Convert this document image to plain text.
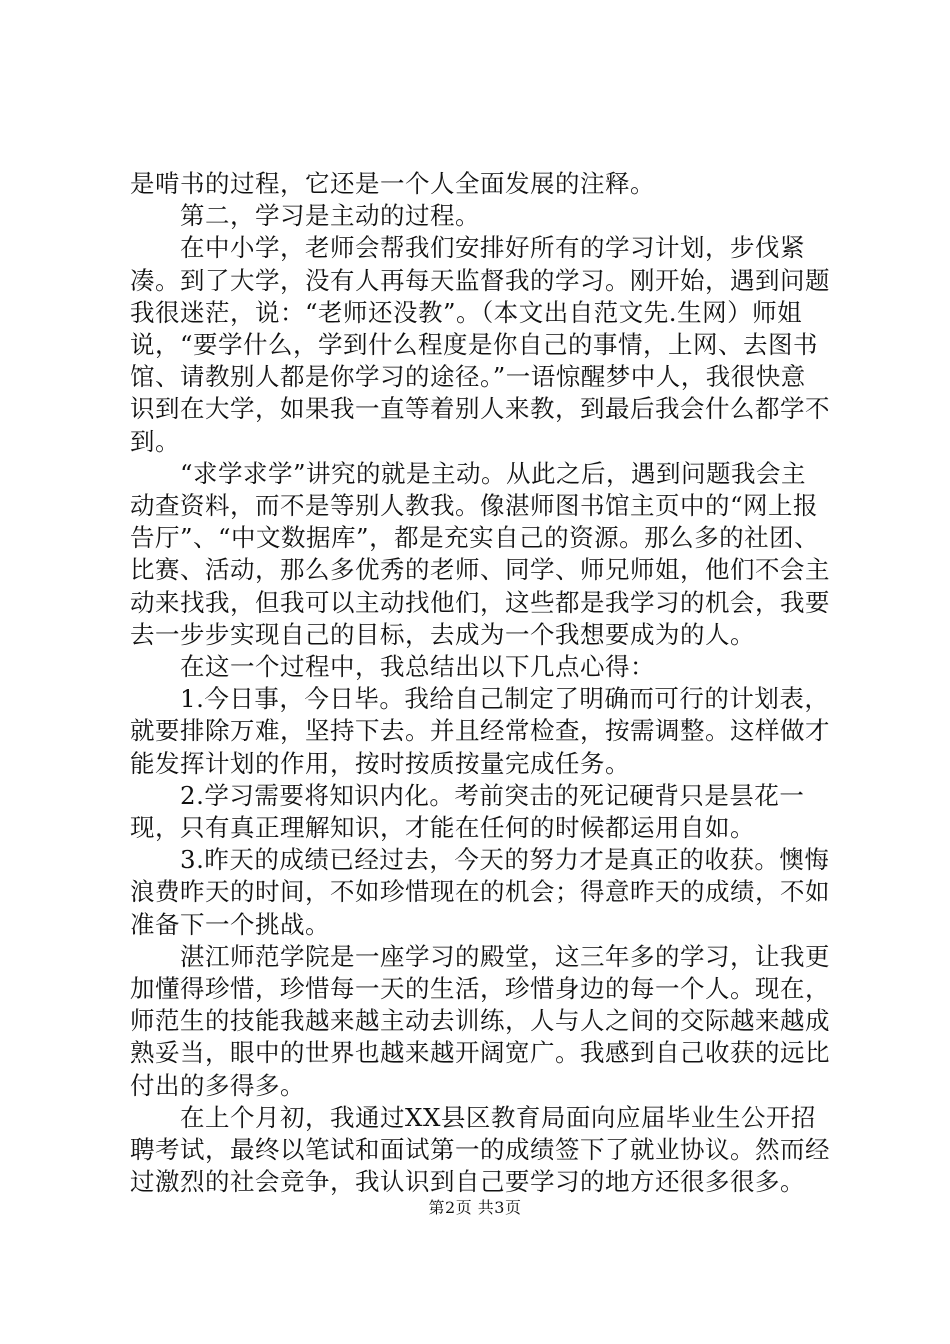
是啃书的过程，它还是一个人全面发展的注释。

第二，学习是主动的过程。

在中小学，老师会帮我们安排好所有的学习计划，步伐紧凑。到了大学，没有人再每天监督我的学习。刚开始，遇到问题我很迷茫，说：“老师还没教”。（本文出自范文先.生网）师姐说，“要学什么，学到什么程度是你自己的事情，上网、去图书馆、请教别人都是你学习的途径。”一语惊醒梦中人，我很快意识到在大学，如果我一直等着别人来教，到最后我会什么都学不到。

“求学求学”讲究的就是主动。从此之后，遇到问题我会主动查资料，而不是等别人教我。像湛师图书馆主页中的“网上报告厅”、“中文数据库”，都是充实自己的资源。那么多的社团、比赛、活动，那么多优秀的老师、同学、师兄师姐，他们不会主动来找我，但我可以主动找他们，这些都是我学习的机会，我要去一步步实现自己的目标，去成为一个我想要成为的人。

在这一个过程中，我总结出以下几点心得：

1.今日事，今日毕。我给自己制定了明确而可行的计划表，就要排除万难，坚持下去。并且经常检查，按需调整。这样做才能发挥计划的作用，按时按质按量完成任务。

2.学习需要将知识内化。考前突击的死记硬背只是昙花一现，只有真正理解知识，才能在任何的时候都运用自如。

3.昨天的成绩已经过去，今天的努力才是真正的收获。懊悔浪费昨天的时间，不如珍惜现在的机会；得意昨天的成绩，不如准备下一个挑战。

湛江师范学院是一座学习的殿堂，这三年多的学习，让我更加懂得珍惜，珍惜每一天的生活，珍惜身边的每一个人。现在，师范生的技能我越来越主动去训练，人与人之间的交际越来越成熟妥当，眼中的世界也越来越开阔宽广。我感到自己收获的远比付出的多得多。

在上个月初，我通过XX县区教育局面向应届毕业生公开招聘考试，最终以笔试和面试第一的成绩签下了就业协议。然而经过激烈的社会竞争，我认识到自己要学习的地方还很多很多。

第2页 共3页
